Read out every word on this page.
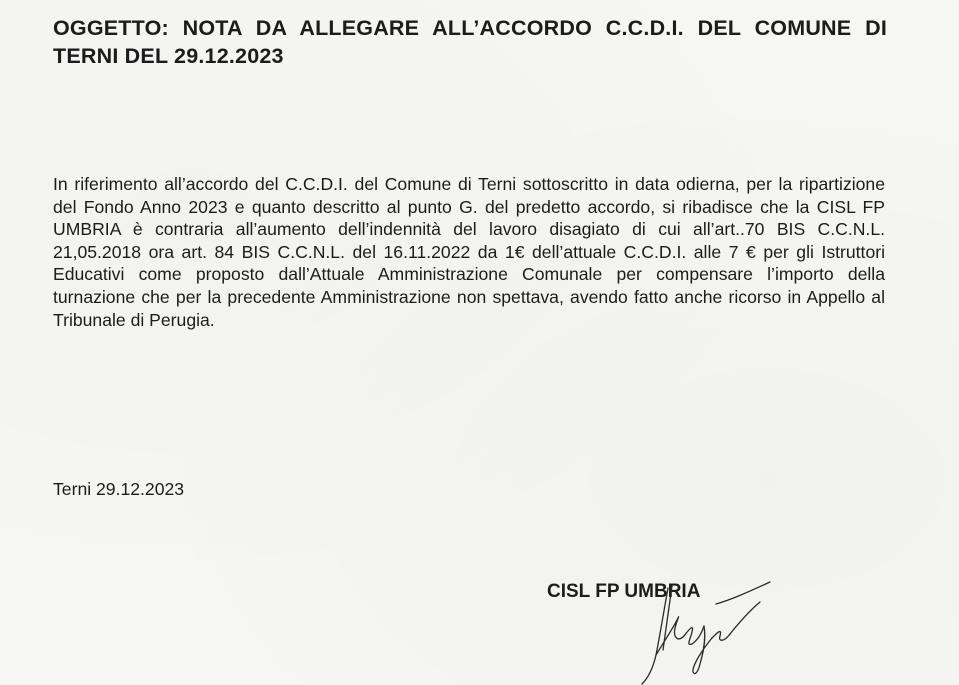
OGGETTO: NOTA DA ALLEGARE ALL’ACCORDO C.C.D.I. DEL COMUNE DI TERNI DEL 29.12.2023
In riferimento all’accordo del C.C.D.I. del Comune di Terni sottoscritto in data odierna, per la ripartizione del Fondo Anno 2023 e quanto descritto al punto G. del predetto accordo, si ribadisce che la CISL FP UMBRIA è contraria all’aumento dell’indennità del lavoro disagiato di cui all’art..70 BIS C.C.N.L. 21,05.2018 ora art. 84 BIS C.C.N.L. del 16.11.2022 da 1€ dell’attuale C.C.D.I. alle 7 € per gli Istruttori Educativi come proposto dall’Attuale Amministrazione Comunale per compensare l’importo della turnazione che per la precedente Amministrazione non spettava, avendo fatto anche ricorso in Appello al Tribunale di Perugia.
Terni 29.12.2023
CISL FP UMBRIA
